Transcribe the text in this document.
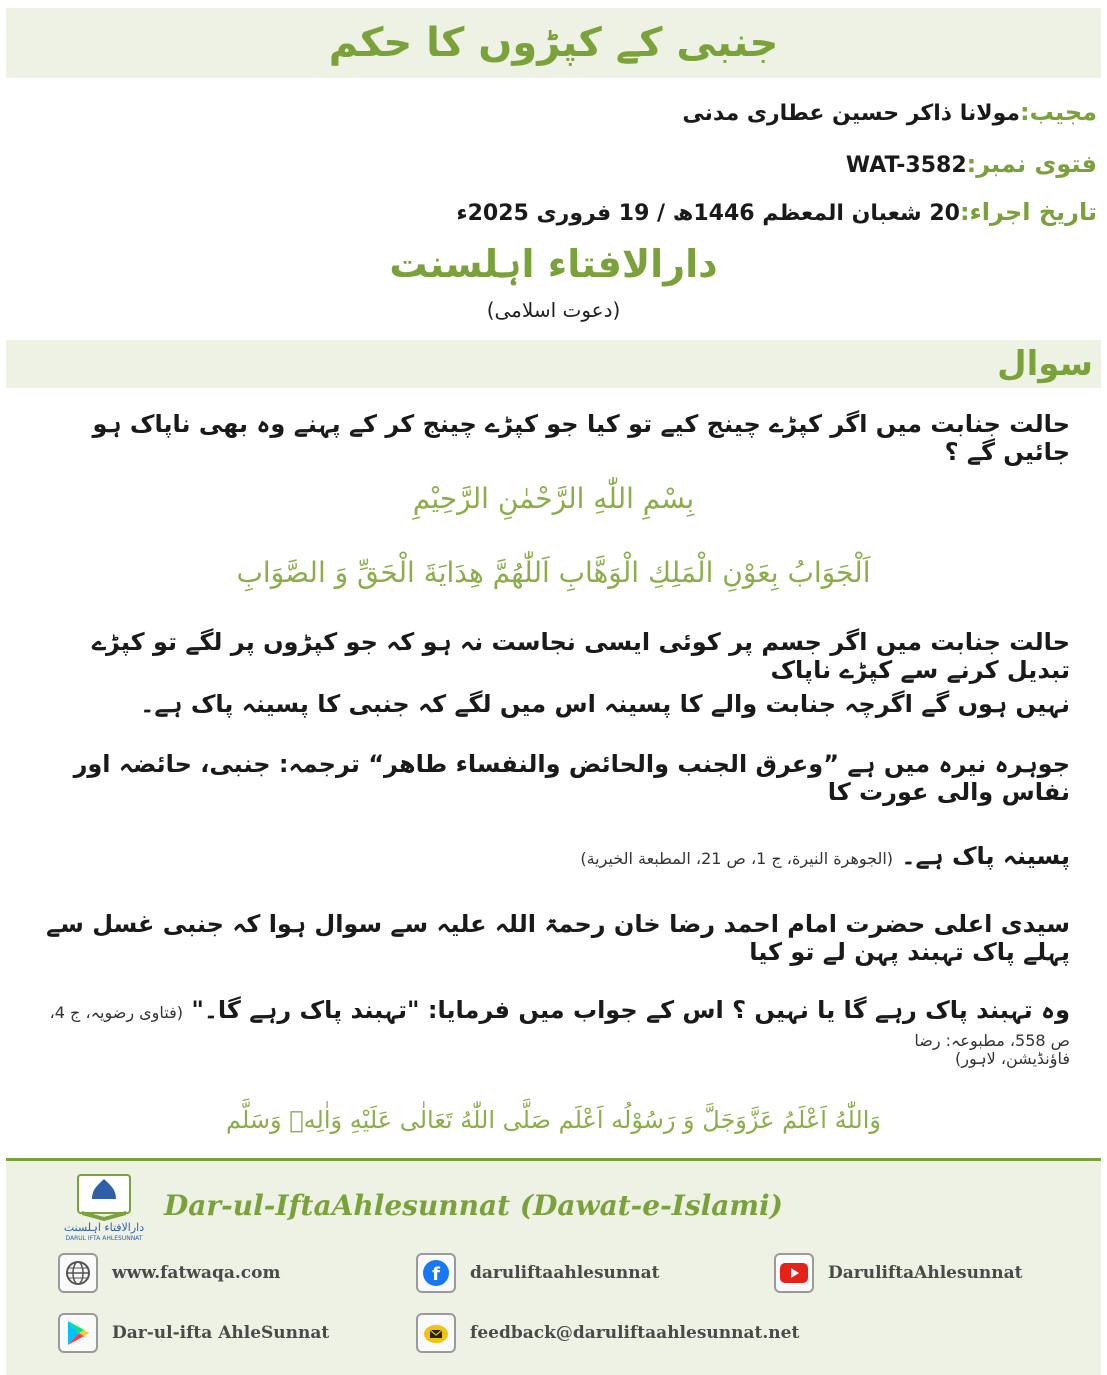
جنبی کے کپڑوں کا حکم
مجیب:مولانا ذاکر حسین عطاری مدنی
فتوی نمبر:WAT-3582
تاریخ اجراء:20 شعبان المعظم 1446ھ / 19 فروری 2025ء
دارالافتاء اہلسنت
(دعوت اسلامی)
سوال
حالت جنابت میں اگر کپڑے چینج کیے تو کیا جو کپڑے چینج کر کے پہنے وہ بھی ناپاک ہو جائیں گے ؟
بِسْمِ اللّٰهِ الرَّحْمٰنِ الرَّحِيْمِ
اَلْجَوَابُ بِعَوْنِ الْمَلِكِ الْوَهَّابِ اَللّٰهُمَّ هِدَايَةَ الْحَقِّ وَ الصَّوَابِ
حالت جنابت میں اگر جسم پر کوئی ایسی نجاست نہ ہو کہ جو کپڑوں پر لگے تو کپڑے تبدیل کرنے سے کپڑے ناپاک
نہیں ہوں گے اگرچہ جنابت والے کا پسینہ اس میں لگے کہ جنبی کا پسینہ پاک ہے۔
جوہرہ نیرہ میں ہے ”وعرق الجنب والحائض والنفساء طاهر“ ترجمہ: جنبی، حائضہ اور نفاس والی عورت کا
پسینہ پاک ہے۔ (الجوهرة النيرة، ج 1، ص 21، المطبعة الخيرية)
سیدی اعلی حضرت امام احمد رضا خان رحمۃ اللہ علیہ سے سوال ہوا کہ جنبی غسل سے پہلے پاک تہبند پہن لے تو کیا
وہ تہبند پاک رہے گا یا نہیں ؟ اس کے جواب میں فرمایا: "تہبند پاک رہے گا۔" (فتاوی رضویہ، ج 4، ص 558، مطبوعہ: رضا
فاؤنڈیشن، لاہور)
وَاللّٰهُ اَعْلَمُ عَزَّوَجَلَّ وَ رَسُوْلُه اَعْلَم صَلَّى اللّٰهُ تَعَالٰى عَلَيْهِ وَاٰلِهٖ وَسَلَّم
دارالافتاء اہلسنت
DARUL IFTA AHLESUNNAT
Dar-ul-IftaAhlesunnat (Dawat-e-Islami)
www.fatwaqa.com	f daruliftaahlesunnat	DaruliftaAhlesunnat
Dar-ul-ifta AhleSunnat	feedback@daruliftaahlesunnat.net
